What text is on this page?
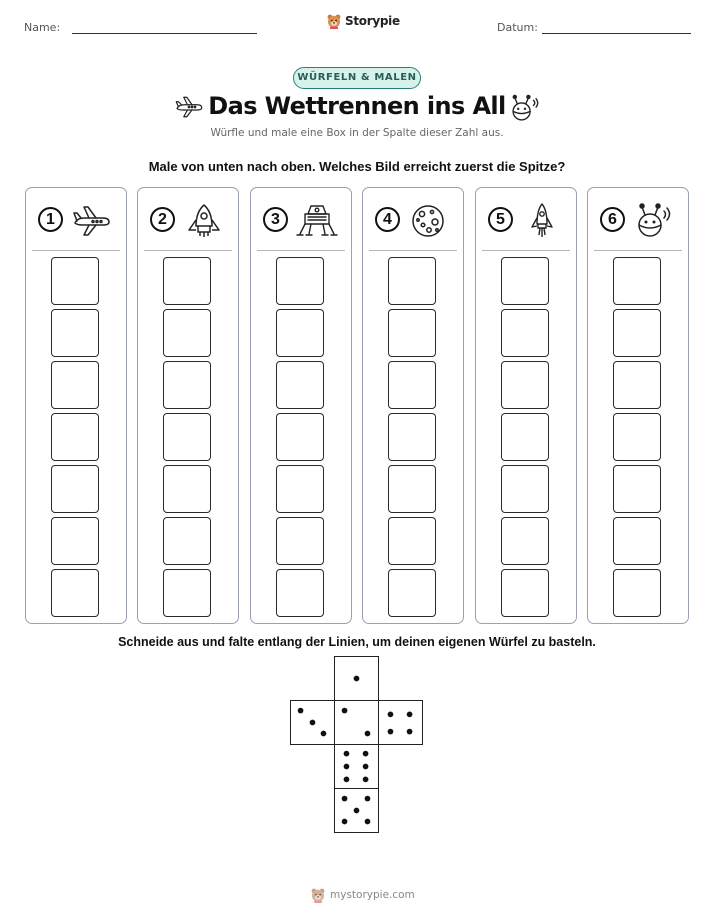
Name:	Storypie	Datum:
WÜRFELN & MALEN
Das Wettrennen ins All
Würfle und male eine Box in der Spalte dieser Zahl aus.
Male von unten nach oben. Welches Bild erreicht zuerst die Spitze?
1	2	3	4	5	6
Schneide aus und falte entlang der Linien, um deinen eigenen Würfel zu basteln.
mystorypie.com
